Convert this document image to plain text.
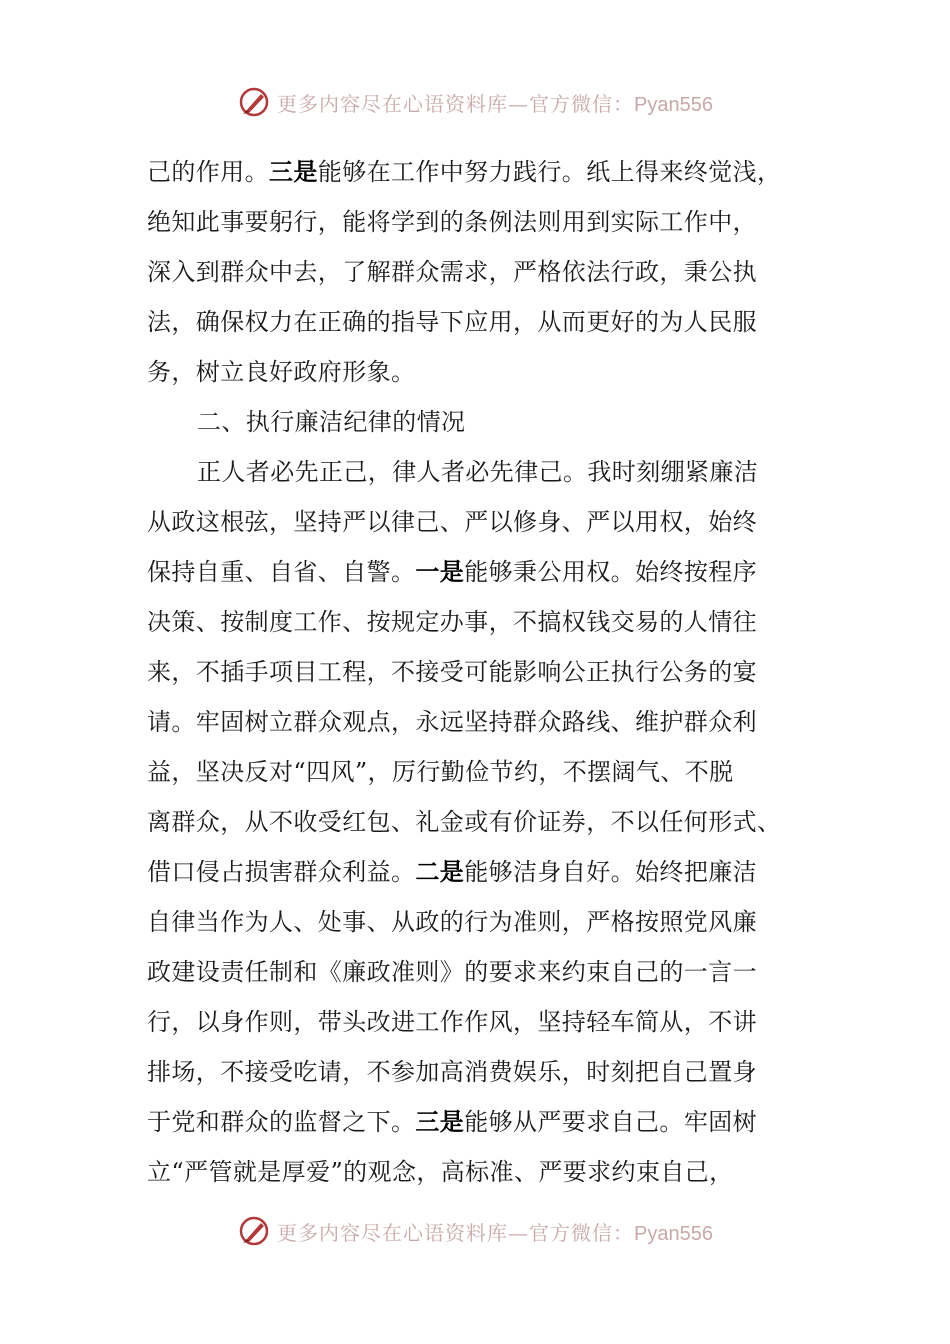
更多内容尽在心语资料库—官方微信：Pyan556
己的作用。三是能够在工作中努力践行。纸上得来终觉浅，
绝知此事要躬行，能将学到的条例法则用到实际工作中，
深入到群众中去，了解群众需求，严格依法行政，秉公执
法，确保权力在正确的指导下应用，从而更好的为人民服
务，树立良好政府形象。
二、执行廉洁纪律的情况
正人者必先正己，律人者必先律己。我时刻绷紧廉洁
从政这根弦，坚持严以律己、严以修身、严以用权，始终
保持自重、自省、自警。一是能够秉公用权。始终按程序
决策、按制度工作、按规定办事，不搞权钱交易的人情往
来，不插手项目工程，不接受可能影响公正执行公务的宴
请。牢固树立群众观点，永远坚持群众路线、维护群众利
益，坚决反对“四风”，厉行勤俭节约，不摆阔气、不脱
离群众，从不收受红包、礼金或有价证券，不以任何形式、
借口侵占损害群众利益。二是能够洁身自好。始终把廉洁
自律当作为人、处事、从政的行为准则，严格按照党风廉
政建设责任制和《廉政准则》的要求来约束自己的一言一
行，以身作则，带头改进工作作风，坚持轻车简从，不讲
排场，不接受吃请，不参加高消费娱乐，时刻把自己置身
于党和群众的监督之下。三是能够从严要求自己。牢固树
立“严管就是厚爱”的观念，高标准、严要求约束自己，
更多内容尽在心语资料库—官方微信：Pyan556
